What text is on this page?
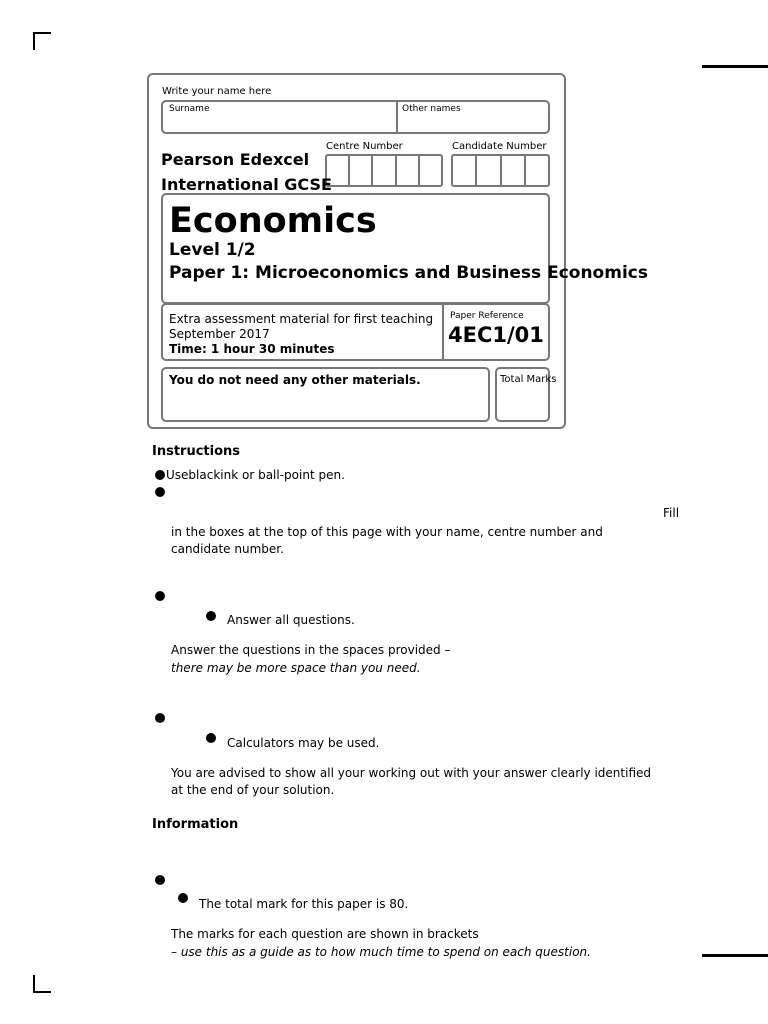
Write your name here
Surname	Other names
Centre Number	Candidate Number
Pearson Edexcel
International GCSE
Economics
Level 1/2
Paper 1: Microeconomics and Business Economics
Extra assessment material for first teaching
September 2017
Time: 1 hour 30 minutes
Paper Reference
4EC1/01
You do not need any other materials.	Total Marks
Instructions
Useblackink or ball-point pen.
Fill
in the boxes at the top of this page with your name, centre number and candidate number.
Answer all questions.
Answer the questions in the spaces provided –
there may be more space than you need.
Calculators may be used.
You are advised to show all your working out with your answer clearly identified at the end of your solution.
Information
The total mark for this paper is 80.
The marks for each question are shown in brackets
– use this as a guide as to how much time to spend on each question.
